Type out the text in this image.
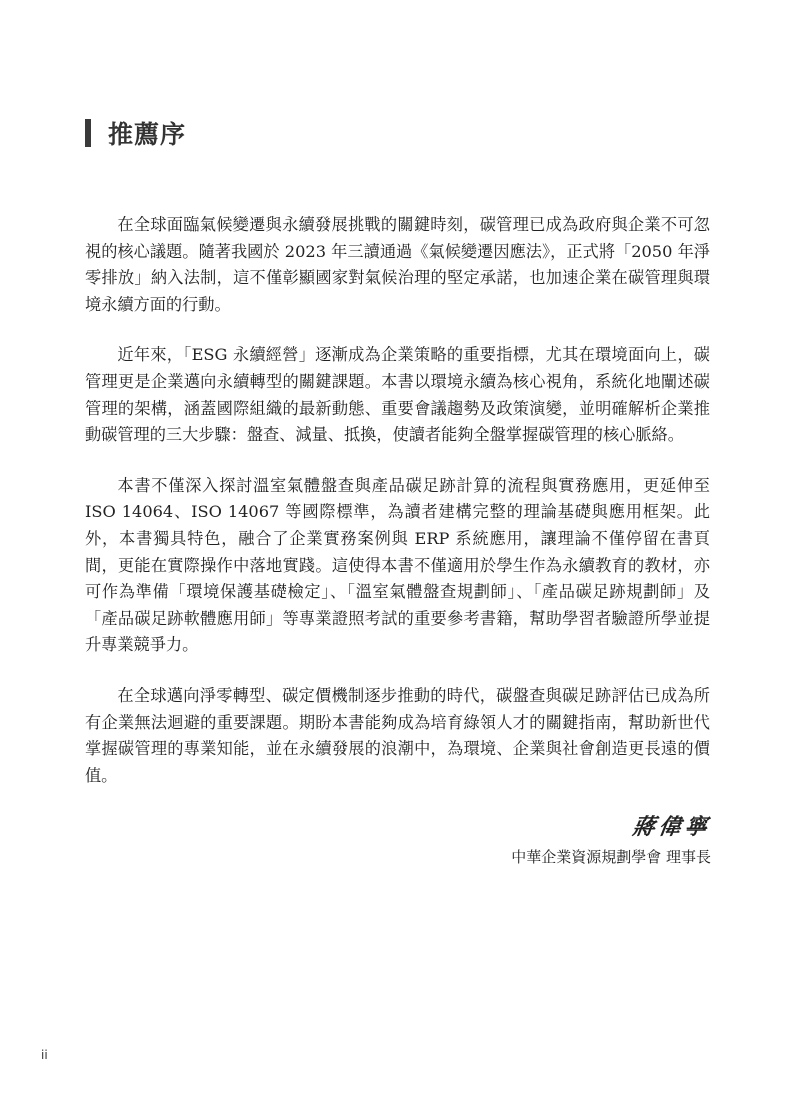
推薦序

在全球面臨氣候變遷與永續發展挑戰的關鍵時刻，碳管理已成為政府與企業不可忽視的核心議題。隨著我國於 2023 年三讀通過《氣候變遷因應法》，正式將「2050 年淨零排放」納入法制，這不僅彰顯國家對氣候治理的堅定承諾，也加速企業在碳管理與環境永續方面的行動。

近年來，「ESG 永續經營」逐漸成為企業策略的重要指標，尤其在環境面向上，碳管理更是企業邁向永續轉型的關鍵課題。本書以環境永續為核心視角，系統化地闡述碳管理的架構，涵蓋國際組織的最新動態、重要會議趨勢及政策演變，並明確解析企業推動碳管理的三大步驟：盤查、減量、抵換，使讀者能夠全盤掌握碳管理的核心脈絡。

本書不僅深入探討溫室氣體盤查與產品碳足跡計算的流程與實務應用，更延伸至 ISO 14064、ISO 14067 等國際標準，為讀者建構完整的理論基礎與應用框架。此外，本書獨具特色，融合了企業實務案例與 ERP 系統應用，讓理論不僅停留在書頁間，更能在實際操作中落地實踐。這使得本書不僅適用於學生作為永續教育的教材，亦可作為準備「環境保護基礎檢定」、「溫室氣體盤查規劃師」、「產品碳足跡規劃師」及「產品碳足跡軟體應用師」等專業證照考試的重要參考書籍，幫助學習者驗證所學並提升專業競爭力。

在全球邁向淨零轉型、碳定價機制逐步推動的時代，碳盤查與碳足跡評估已成為所有企業無法迴避的重要課題。期盼本書能夠成為培育綠領人才的關鍵指南，幫助新世代掌握碳管理的專業知能，並在永續發展的浪潮中，為環境、企業與社會創造更長遠的價值。

蔣偉寧
中華企業資源規劃學會 理事長
ii
